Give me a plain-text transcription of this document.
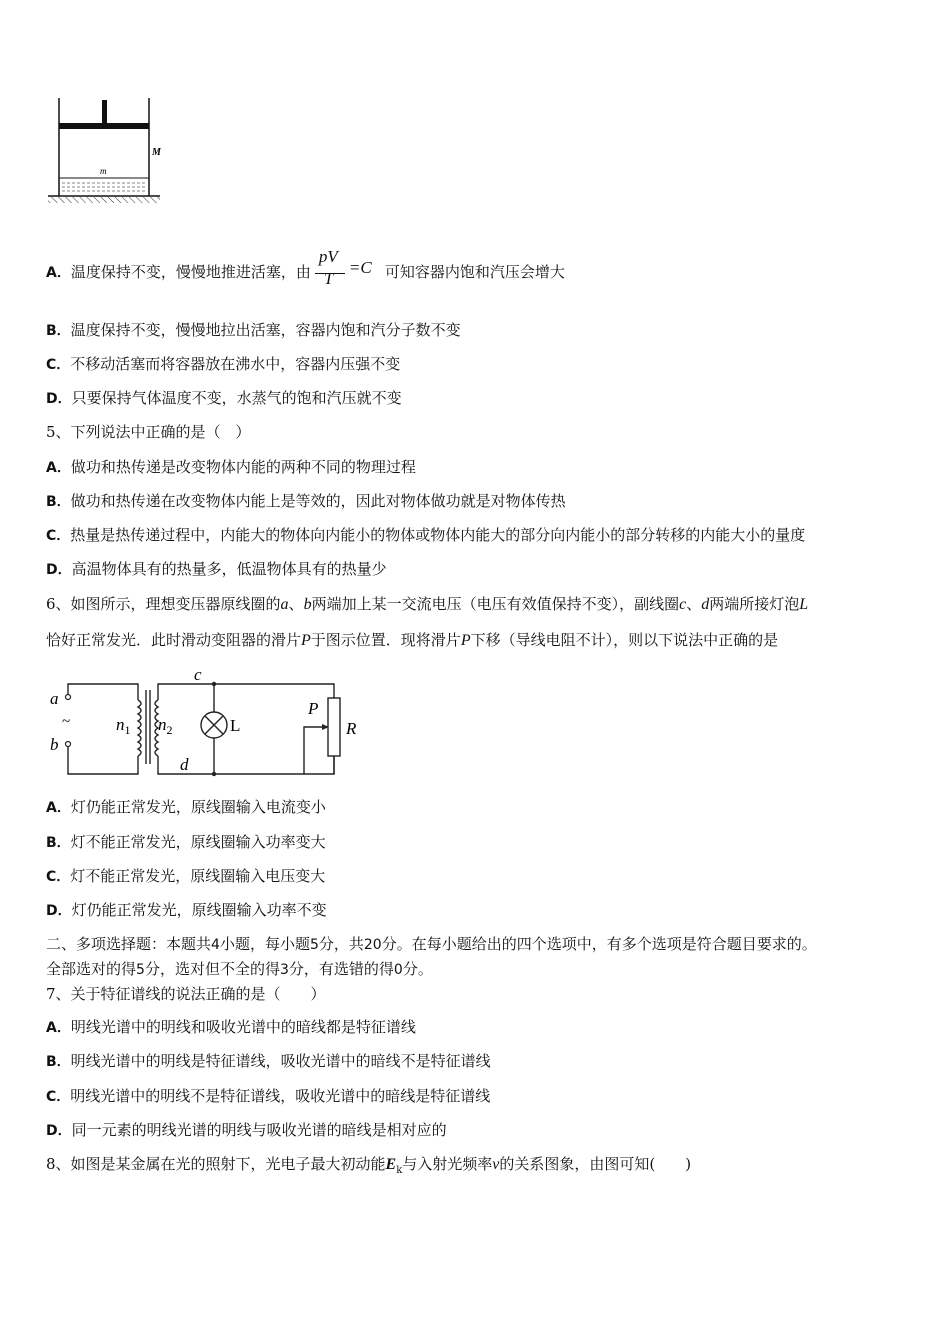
M
m
A．温度保持不变，慢慢地推进活塞，由
pV
T
=C 可知容器内饱和汽压会增大
B．温度保持不变，慢慢地拉出活塞，容器内饱和汽分子数不变
C．不移动活塞而将容器放在沸水中，容器内压强不变
D．只要保持气体温度不变，水蒸气的饱和汽压就不变
5、下列说法中正确的是（　）
A．做功和热传递是改变物体内能的两种不同的物理过程
B．做功和热传递在改变物体内能上是等效的，因此对物体做功就是对物体传热
C．热量是热传递过程中，内能大的物体向内能小的物体或物体内能大的部分向内能小的部分转移的内能大小的量度
D．高温物体具有的热量多，低温物体具有的热量少
6、如图所示，理想变压器原线圈的a、b两端加上某一交流电压（电压有效值保持不变），副线圈c、d两端所接灯泡L
恰好正常发光．此时滑动变阻器的滑片P于图示位置．现将滑片P下移（导线电阻不计），则以下说法中正确的是
a
~
b
$n_1$ $n_2$
c
d
L
P
R
A．灯仍能正常发光，原线圈输入电流变小
B．灯不能正常发光，原线圈输入功率变大
C．灯不能正常发光，原线圈输入电压变大
D．灯仍能正常发光，原线圈输入功率不变
二、多项选择题：本题共4小题，每小题5分，共20分。在每小题给出的四个选项中，有多个选项是符合题目要求的。
全部选对的得5分，选对但不全的得3分，有选错的得0分。
7、关于特征谱线的说法正确的是（　　）
A．明线光谱中的明线和吸收光谱中的暗线都是特征谱线
B．明线光谱中的明线是特征谱线，吸收光谱中的暗线不是特征谱线
C．明线光谱中的明线不是特征谱线，吸收光谱中的暗线是特征谱线
D．同一元素的明线光谱的明线与吸收光谱的暗线是相对应的
8、如图是某金属在光的照射下，光电子最大初动能$E_k$与入射光频率ν的关系图象，由图可知(　　)
